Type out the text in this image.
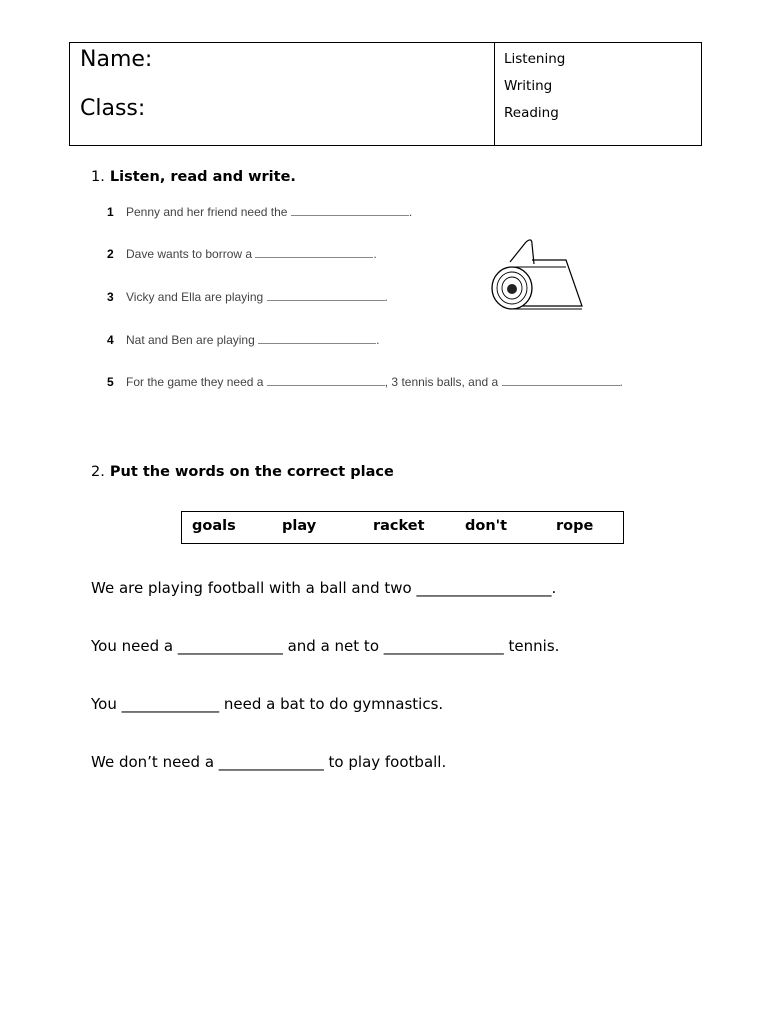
Name:
Class:
Listening
Writing
Reading
1. Listen, read and write.
1 Penny and her friend need the	.
2 Dave wants to borrow a	.
3 Vicky and Ella are playing	.
4 Nat and Ben are playing	.
5 For the game they need a	, 3 tennis balls, and a	.
2. Put the words on the correct place
goals	play	racket	don't	rope
We are playing football with a ball and two __________________.
You need a ______________ and a net to ________________ tennis.
You _____________ need a bat to do gymnastics.
We don’t need a ______________ to play football.
